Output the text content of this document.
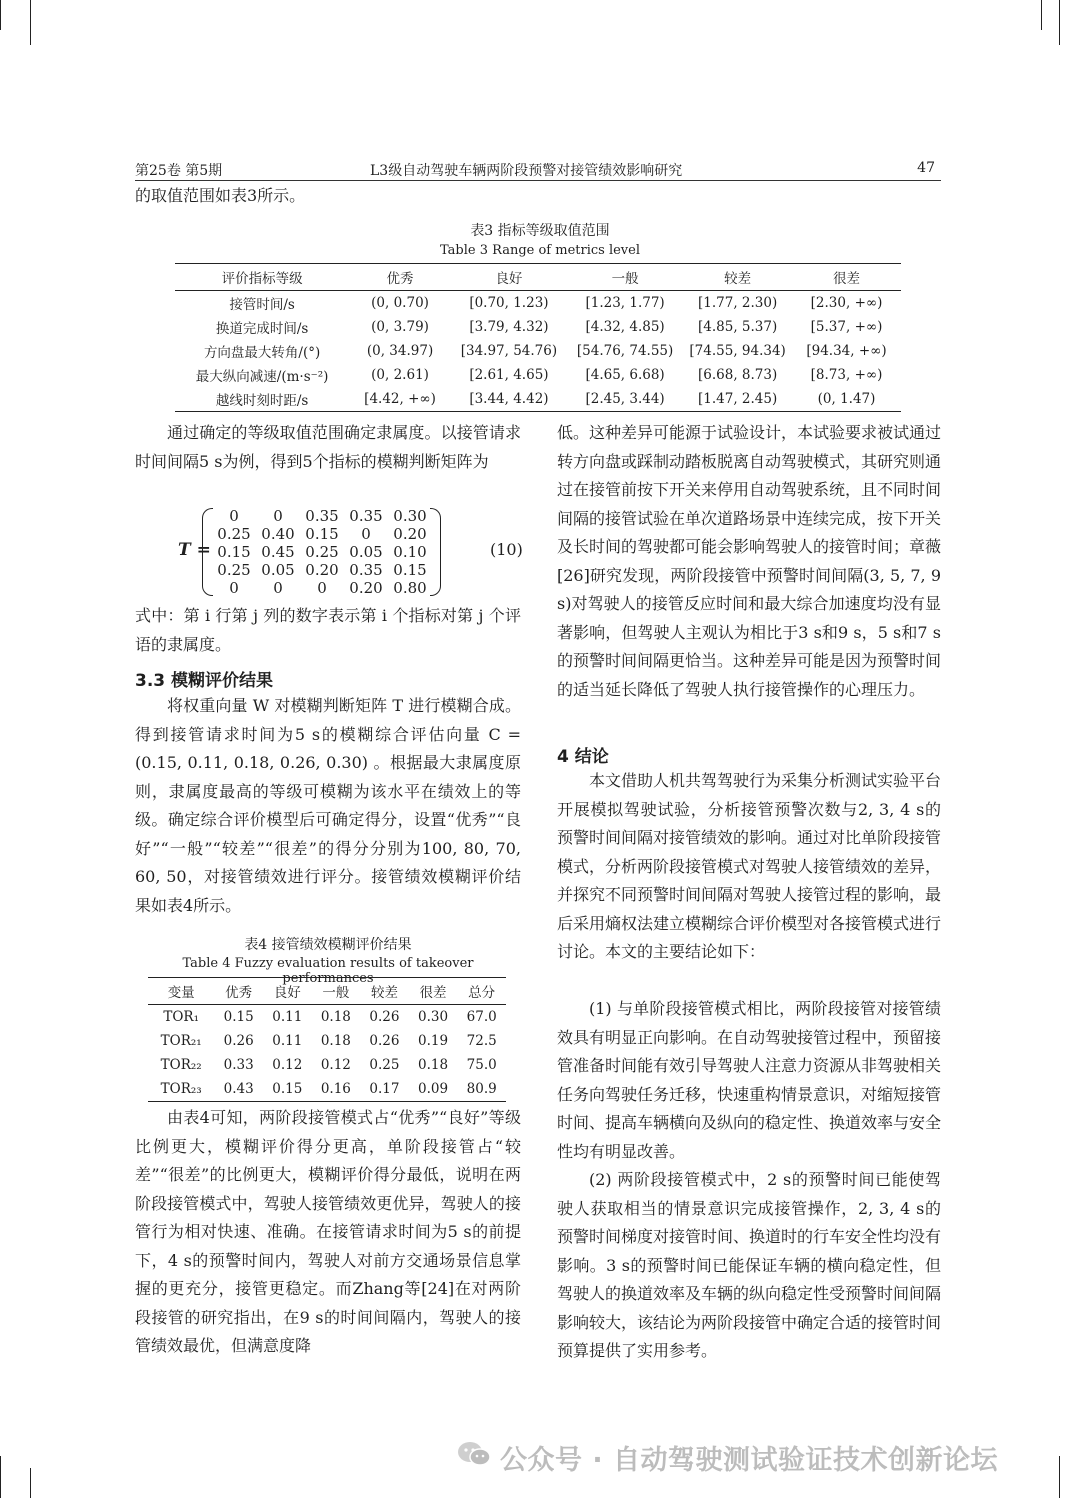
第25卷 第5期	L3级自动驾驶车辆两阶段预警对接管绩效影响研究	47

的取值范围如表3所示。

表3 指标等级取值范围
Table 3 Range of metrics level
评价指标等级	优秀	良好	一般	较差	很差
接管时间/s	(0, 0.70)	[0.70, 1.23)	[1.23, 1.77)	[1.77, 2.30)	[2.30, +∞)
换道完成时间/s	(0, 3.79)	[3.79, 4.32)	[4.32, 4.85)	[4.85, 5.37)	[5.37, +∞)
方向盘最大转角/(°)	(0, 34.97)	[34.97, 54.76)	[54.76, 74.55)	[74.55, 94.34)	[94.34, +∞)
最大纵向减速/(m·s⁻²)	(0, 2.61)	[2.61, 4.65)	[4.65, 6.68)	[6.68, 8.73)	[8.73, +∞)
越线时刻时距/s	[4.42, +∞)	[3.44, 4.42)	[2.45, 3.44)	[1.47, 2.45)	(0, 1.47)

通过确定的等级取值范围确定隶属度。以接管请求时间间隔5 s为例，得到5个指标的模糊判断矩阵为

T =
0	0	0.35 0.35 0.30
0.25 0.40 0.15	0	0.20
0.15 0.45 0.25 0.05 0.10
0.25 0.05 0.20 0.35 0.15
0	0	0	0.20 0.80
(10)

式中：第 i 行第 j 列的数字表示第 i 个指标对第 j 个评语的隶属度。

3.3 模糊评价结果

将权重向量 W 对模糊判断矩阵 T 进行模糊合成。得到接管请求时间为5 s的模糊综合评估向量 C =(0.15, 0.11, 0.18, 0.26, 0.30) 。根据最大隶属度原则，隶属度最高的等级可模糊为该水平在绩效上的等级。确定综合评价模型后可确定得分，设置“优秀”“良好”“一般”“较差”“很差”的得分分别为100, 80, 70, 60, 50，对接管绩效进行评分。接管绩效模糊评价结果如表4所示。

表4 接管绩效模糊评价结果
Table 4 Fuzzy evaluation results of takeover performances
变量	优秀	良好	一般	较差	很差	总分
TOR₁	0.15	0.11	0.18	0.26	0.30	67.0
TOR₂₁	0.26	0.11	0.18	0.26	0.19	72.5
TOR₂₂	0.33	0.12	0.12	0.25	0.18	75.0
TOR₂₃	0.43	0.15	0.16	0.17	0.09	80.9

由表4可知，两阶段接管模式占“优秀”“良好”等级比例更大，模糊评价得分更高，单阶段接管占“较差”“很差”的比例更大，模糊评价得分最低，说明在两阶段接管模式中，驾驶人接管绩效更优异，驾驶人的接管行为相对快速、准确。在接管请求时间为5 s的前提下，4 s的预警时间内，驾驶人对前方交通场景信息掌握的更充分，接管更稳定。而Zhang等[24]在对两阶段接管的研究指出，在9 s的时间间隔内，驾驶人的接管绩效最优，但满意度降

低。这种差异可能源于试验设计，本试验要求被试通过转方向盘或踩制动踏板脱离自动驾驶模式，其研究则通过在接管前按下开关来停用自动驾驶系统，且不同时间间隔的接管试验在单次道路场景中连续完成，按下开关及长时间的驾驶都可能会影响驾驶人的接管时间；章薇[26]研究发现，两阶段接管中预警时间间隔(3, 5, 7, 9 s)对驾驶人的接管反应时间和最大综合加速度均没有显著影响，但驾驶人主观认为相比于3 s和9 s，5 s和7 s的预警时间间隔更恰当。这种差异可能是因为预警时间的适当延长降低了驾驶人执行接管操作的心理压力。

4 结论

本文借助人机共驾驾驶行为采集分析测试实验平台开展模拟驾驶试验，分析接管预警次数与2, 3, 4 s的预警时间间隔对接管绩效的影响。通过对比单阶段接管模式，分析两阶段接管模式对驾驶人接管绩效的差异，并探究不同预警时间间隔对驾驶人接管过程的影响，最后采用熵权法建立模糊综合评价模型对各接管模式进行讨论。本文的主要结论如下：

(1) 与单阶段接管模式相比，两阶段接管对接管绩效具有明显正向影响。在自动驾驶接管过程中，预留接管准备时间能有效引导驾驶人注意力资源从非驾驶相关任务向驾驶任务迁移，快速重构情景意识，对缩短接管时间、提高车辆横向及纵向的稳定性、换道效率与安全性均有明显改善。

(2) 两阶段接管模式中，2 s的预警时间已能使驾驶人获取相当的情景意识完成接管操作，2, 3, 4 s的预警时间梯度对接管时间、换道时的行车安全性均没有影响。3 s的预警时间已能保证车辆的横向稳定性，但驾驶人的换道效率及车辆的纵向稳定性受预警时间间隔影响较大，该结论为两阶段接管中确定合适的接管时间预算提供了实用参考。

公众号 · 自动驾驶测试验证技术创新论坛
